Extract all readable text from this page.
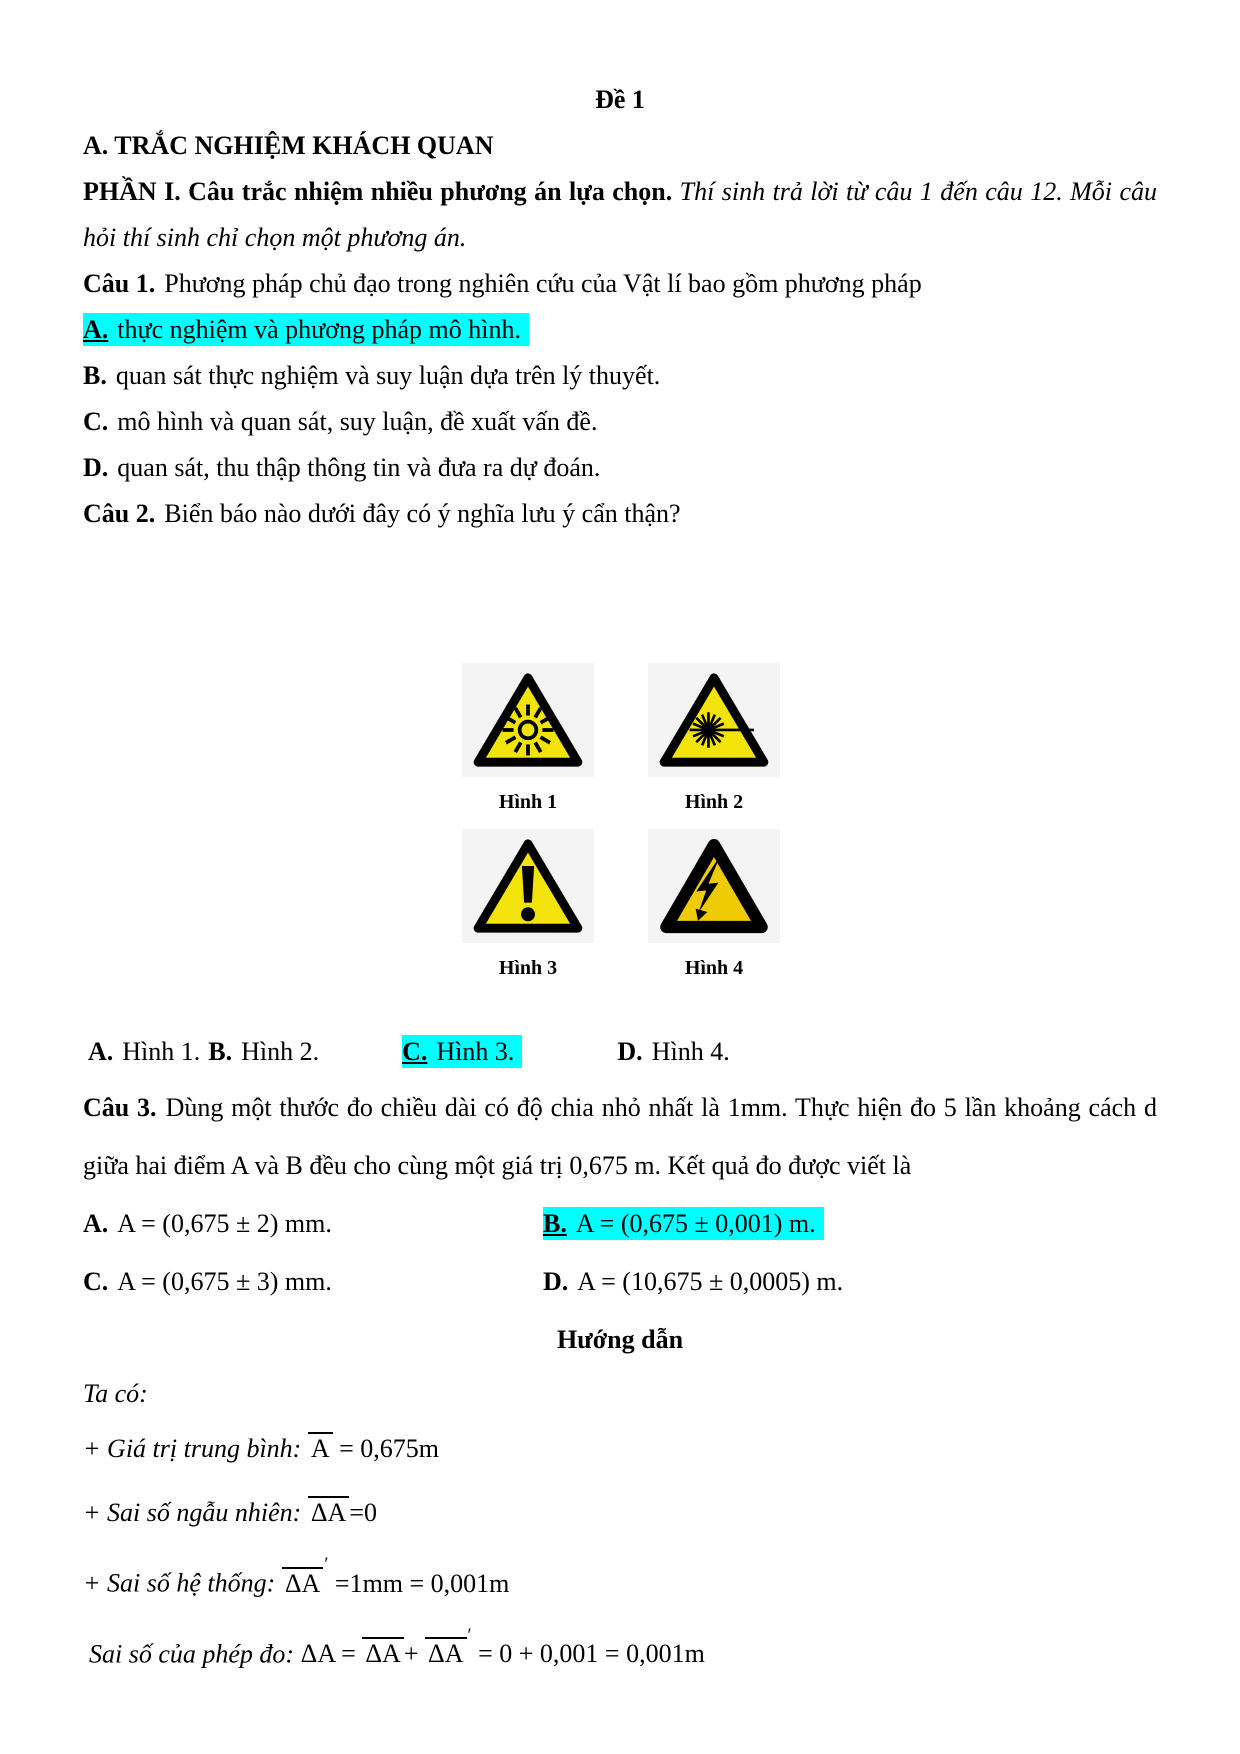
Đề 1

A. TRẮC NGHIỆM KHÁCH QUAN

PHẦN I. Câu trắc nhiệm nhiều phương án lựa chọn. Thí sinh trả lời từ câu 1 đến câu 12. Mỗi câu hỏi thí sinh chỉ chọn một phương án.

Câu 1. Phương pháp chủ đạo trong nghiên cứu của Vật lí bao gồm phương pháp

A. thực nghiệm và phương pháp mô hình.

B. quan sát thực nghiệm và suy luận dựa trên lý thuyết.

C. mô hình và quan sát, suy luận, đề xuất vấn đề.

D. quan sát, thu thập thông tin và đưa ra dự đoán.

Câu 2. Biển báo nào dưới đây có ý nghĩa lưu ý cẩn thận?

Hình 1	Hình 2
Hình 3	Hình 4
A. Hình 1. B. Hình 2.	C. Hình 3.	D. Hình 4.

Câu 3. Dùng một thước đo chiều dài có độ chia nhỏ nhất là 1mm. Thực hiện đo 5 lần khoảng cách d giữa hai điểm A và B đều cho cùng một giá trị 0,675 m. Kết quả đo được viết là

A. A = (0,675 ± 2) mm.	B. A = (0,675 ± 0,001) m.
C. A = (0,675 ± 3) mm.	D. A = (10,675 ± 0,0005) m.

Hướng dẫn

Ta có:

+ Giá trị trung bình: A = 0,675m

+ Sai số ngẫu nhiên: ΔA =0

+ Sai số hệ thống: ΔA′ =1mm = 0,001m

Sai số của phép đo: ΔA = ΔA + ΔA′ = 0 + 0,001 = 0,001m
